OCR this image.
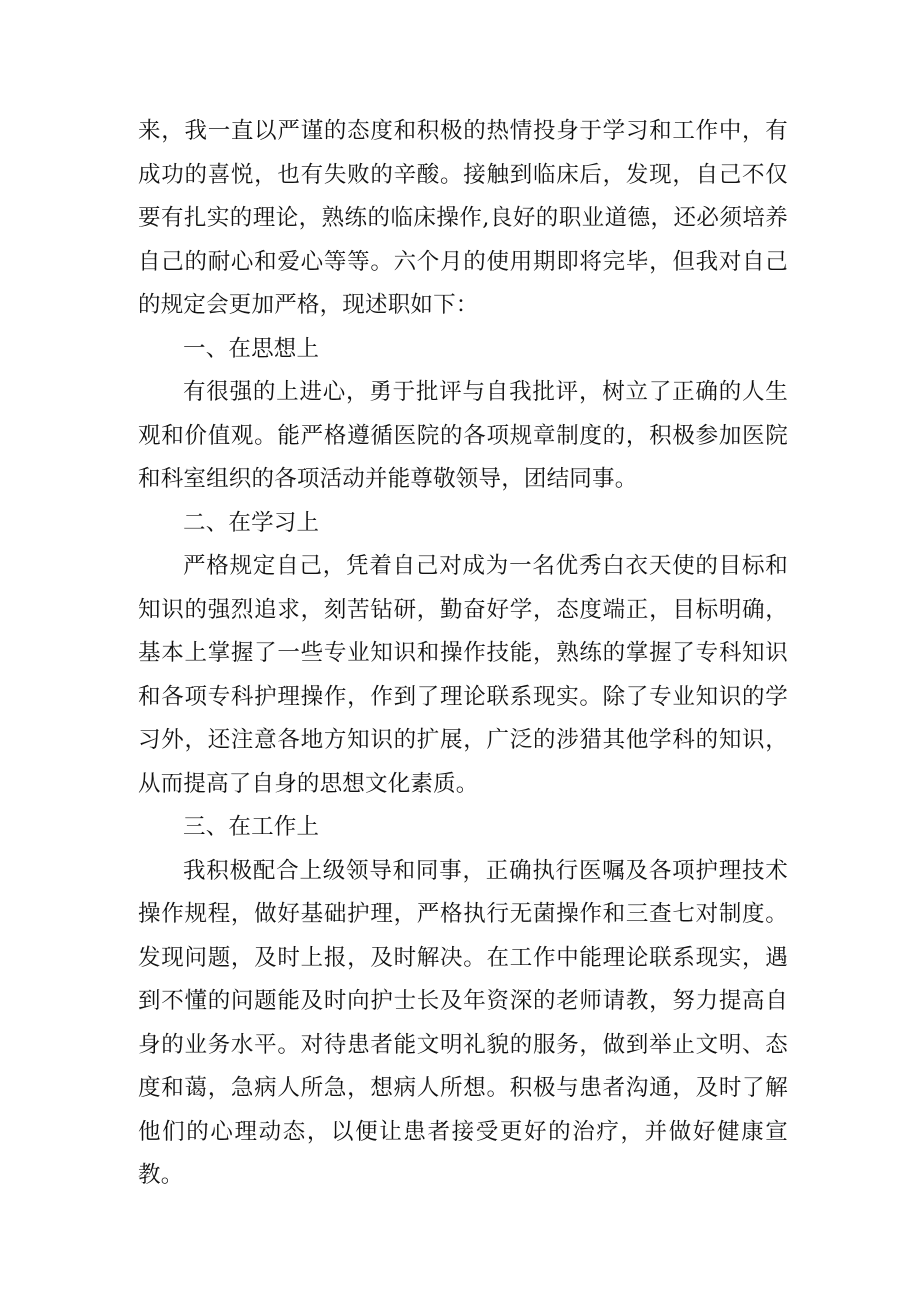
来，我一直以严谨的态度和积极的热情投身于学习和工作中，有成功的喜悦，也有失败的辛酸。接触到临床后，发现，自己不仅要有扎实的理论，熟练的临床操作,良好的职业道德，还必须培养自己的耐心和爱心等等。六个月的使用期即将完毕，但我对自己的规定会更加严格，现述职如下：

一、在思想上

有很强的上进心，勇于批评与自我批评，树立了正确的人生观和价值观。能严格遵循医院的各项规章制度的，积极参加医院和科室组织的各项活动并能尊敬领导，团结同事。

二、在学习上

严格规定自己，凭着自己对成为一名优秀白衣天使的目标和知识的强烈追求，刻苦钻研，勤奋好学，态度端正，目标明确，基本上掌握了一些专业知识和操作技能，熟练的掌握了专科知识和各项专科护理操作，作到了理论联系现实。除了专业知识的学习外，还注意各地方知识的扩展，广泛的涉猎其他学科的知识，从而提高了自身的思想文化素质。

三、在工作上

我积极配合上级领导和同事，正确执行医嘱及各项护理技术操作规程，做好基础护理，严格执行无菌操作和三查七对制度。发现问题，及时上报，及时解决。在工作中能理论联系现实，遇到不懂的问题能及时向护士长及年资深的老师请教，努力提高自身的业务水平。对待患者能文明礼貌的服务，做到举止文明、态度和蔼，急病人所急，想病人所想。积极与患者沟通，及时了解他们的心理动态，以便让患者接受更好的治疗，并做好健康宣教。
